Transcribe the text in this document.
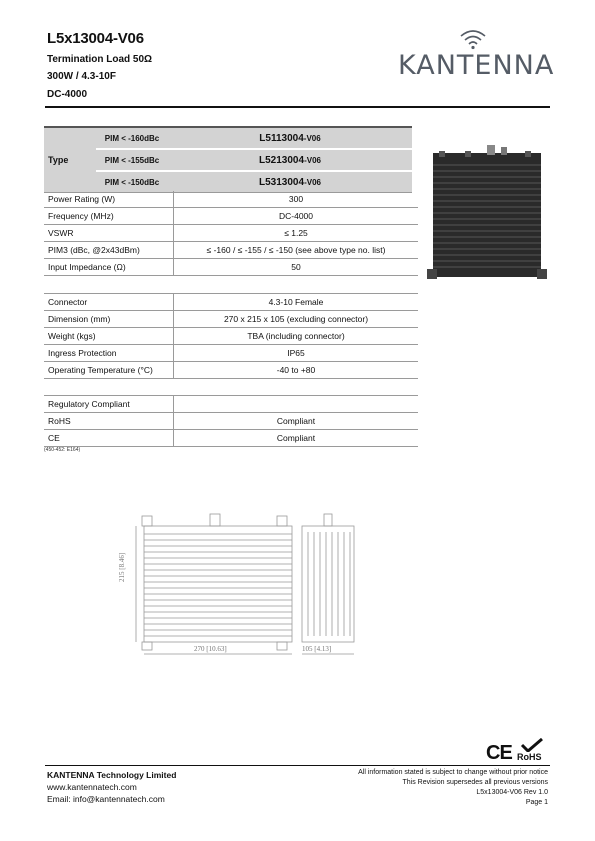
L5x13004-V06
Termination Load 50Ω
300W / 4.3-10F
DC-4000
KANTENNA
Type	PIM < -160dBc	L5113004-V06
	PIM < -155dBc	L5213004-V06
	PIM < -150dBc	L5313004-V06
Power Rating (W)	300
Frequency (MHz)	DC-4000
VSWR	≤ 1.25
PIM3 (dBc, @2x43dBm)	≤ -160 / ≤ -155 / ≤ -150 (see above type no. list)
Input Impedance (Ω)	50
Connector	4.3-10 Female
Dimension (mm)	270 x 215 x 105 (excluding connector)
Weight (kgs)	TBA (including connector)
Ingress Protection	IP65
Operating Temperature (°C)	-40 to +80
Regulatory Compliant	
RoHS	Compliant
CE	Compliant
(450-452: E164)
215 [8.46]
270 [10.63]	105 [4.13]
CE RoHS
KANTENNA Technology Limited
www.kantennatech.com
Email: info@kantennatech.com
All information stated is subject to change without prior notice
This Revision supersedes all previous versions
L5x13004-V06 Rev 1.0
Page 1
